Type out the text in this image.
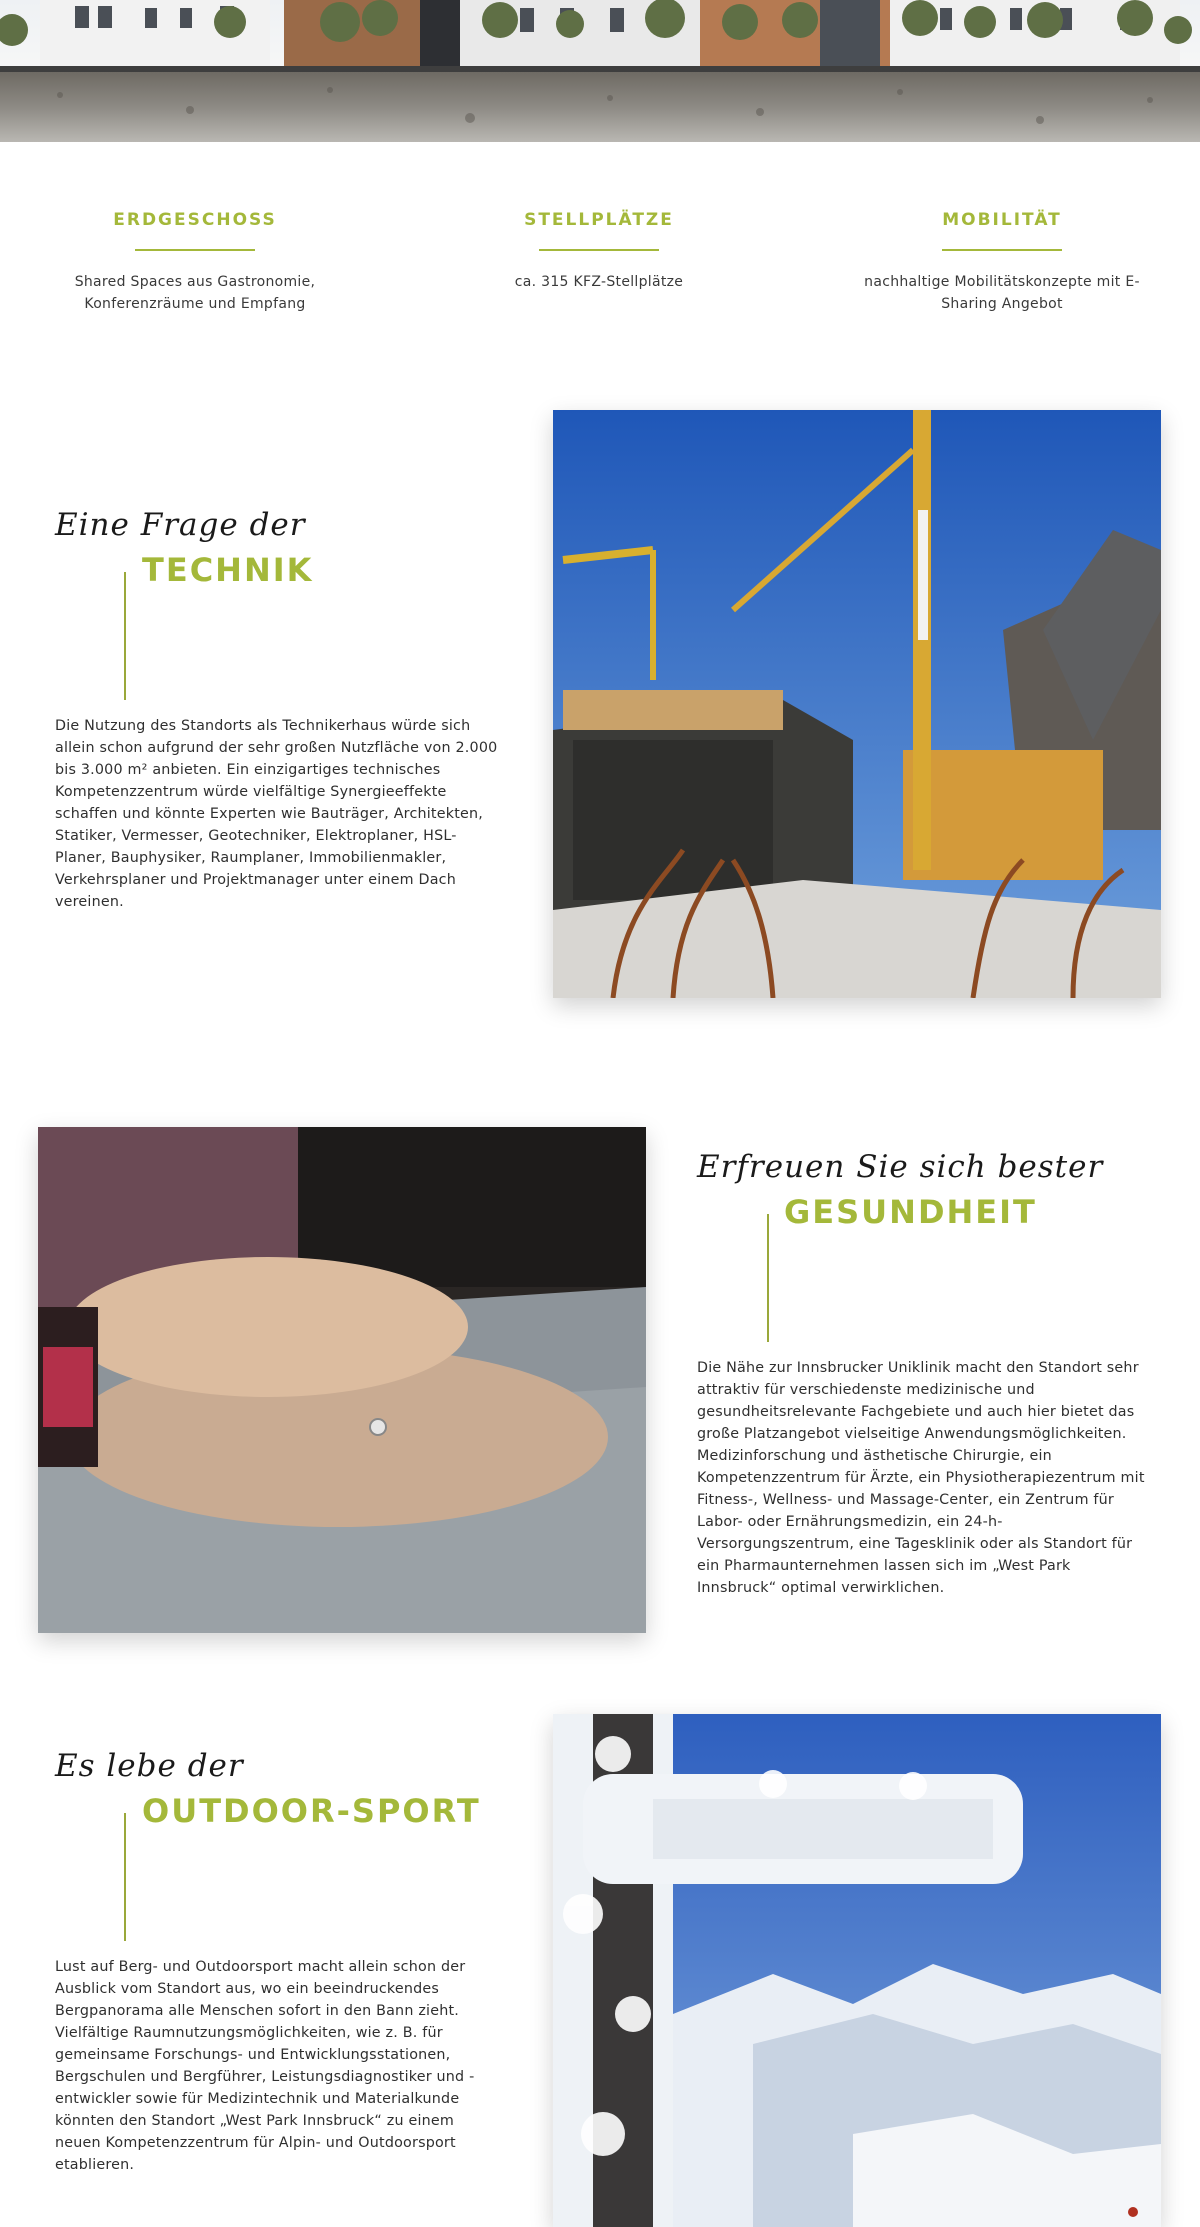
ERDGESCHOSS
Shared Spaces aus Gastronomie, Konferenzräume und Empfang
STELLPLÄTZE
ca. 315 KFZ-Stellplätze
MOBILITÄT
nachhaltige Mobilitätskonzepte mit E-Sharing Angebot
Eine Frage der
TECHNIK
Die Nutzung des Standorts als Technikerhaus würde sich allein schon aufgrund der sehr großen Nutzfläche von 2.000 bis 3.000 m² anbieten. Ein einzigartiges technisches Kompetenzzentrum würde vielfältige Synergieeffekte schaffen und könnte Experten wie Bauträger, Architekten, Statiker, Vermesser, Geotechniker, Elektroplaner, HSL-Planer, Bauphysiker, Raumplaner, Immobilienmakler, Verkehrsplaner und Projektmanager unter einem Dach vereinen.
Erfreuen Sie sich bester
GESUNDHEIT
Die Nähe zur Innsbrucker Uniklinik macht den Standort sehr attraktiv für verschiedenste medizinische und gesundheitsrelevante Fachgebiete und auch hier bietet das große Platzangebot vielseitige Anwendungsmöglichkeiten. Medizinforschung und ästhetische Chirurgie, ein Kompetenzzentrum für Ärzte, ein Physiotherapiezentrum mit Fitness-, Wellness- und Massage-Center, ein Zentrum für Labor- oder Ernährungsmedizin, ein 24-h-Versorgungszentrum, eine Tagesklinik oder als Standort für ein Pharmaunternehmen lassen sich im „West Park Innsbruck“ optimal verwirklichen.
Es lebe der
OUTDOOR-SPORT
Lust auf Berg- und Outdoorsport macht allein schon der Ausblick vom Standort aus, wo ein beeindruckendes Bergpanorama alle Menschen sofort in den Bann zieht. Vielfältige Raumnutzungsmöglichkeiten, wie z. B. für gemeinsame Forschungs- und Entwicklungsstationen, Bergschulen und Bergführer, Leistungsdiagnostiker und -entwickler sowie für Medizintechnik und Materialkunde könnten den Standort „West Park Innsbruck“ zu einem neuen Kompetenzzentrum für Alpin- und Outdoorsport etablieren.
